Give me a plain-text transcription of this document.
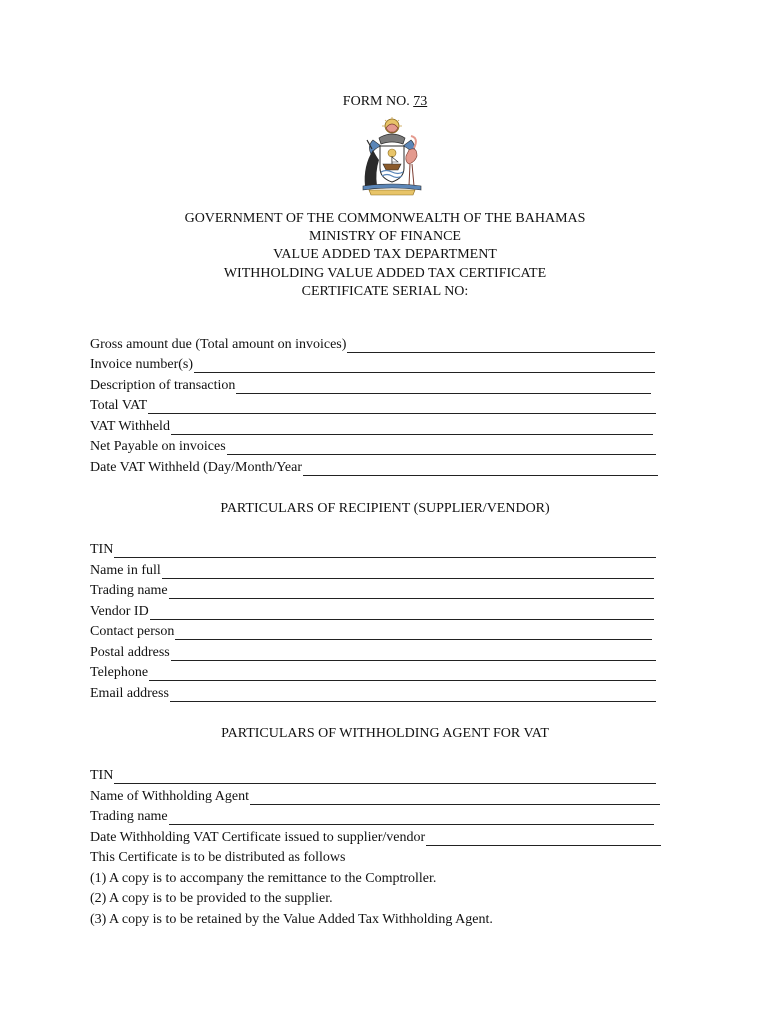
FORM NO. 73
GOVERNMENT OF THE COMMONWEALTH OF THE BAHAMAS
MINISTRY OF FINANCE
VALUE ADDED TAX DEPARTMENT
WITHHOLDING VALUE ADDED TAX CERTIFICATE
CERTIFICATE SERIAL NO:
Gross amount due (Total amount on invoices)
Invoice number(s)
Description of transaction
Total VAT
VAT Withheld
Net Payable on invoices
Date VAT Withheld (Day/Month/Year
PARTICULARS OF RECIPIENT (SUPPLIER/VENDOR)
TIN
Name in full
Trading name
Vendor ID
Contact person
Postal address
Telephone
Email address
PARTICULARS OF WITHHOLDING AGENT FOR VAT
TIN
Name of Withholding Agent
Trading name
Date Withholding VAT Certificate issued to supplier/vendor
This Certificate is to be distributed as follows
(1) A copy is to accompany the remittance to the Comptroller.
(2) A copy is to be provided to the supplier.
(3) A copy is to be retained by the Value Added Tax Withholding Agent.
